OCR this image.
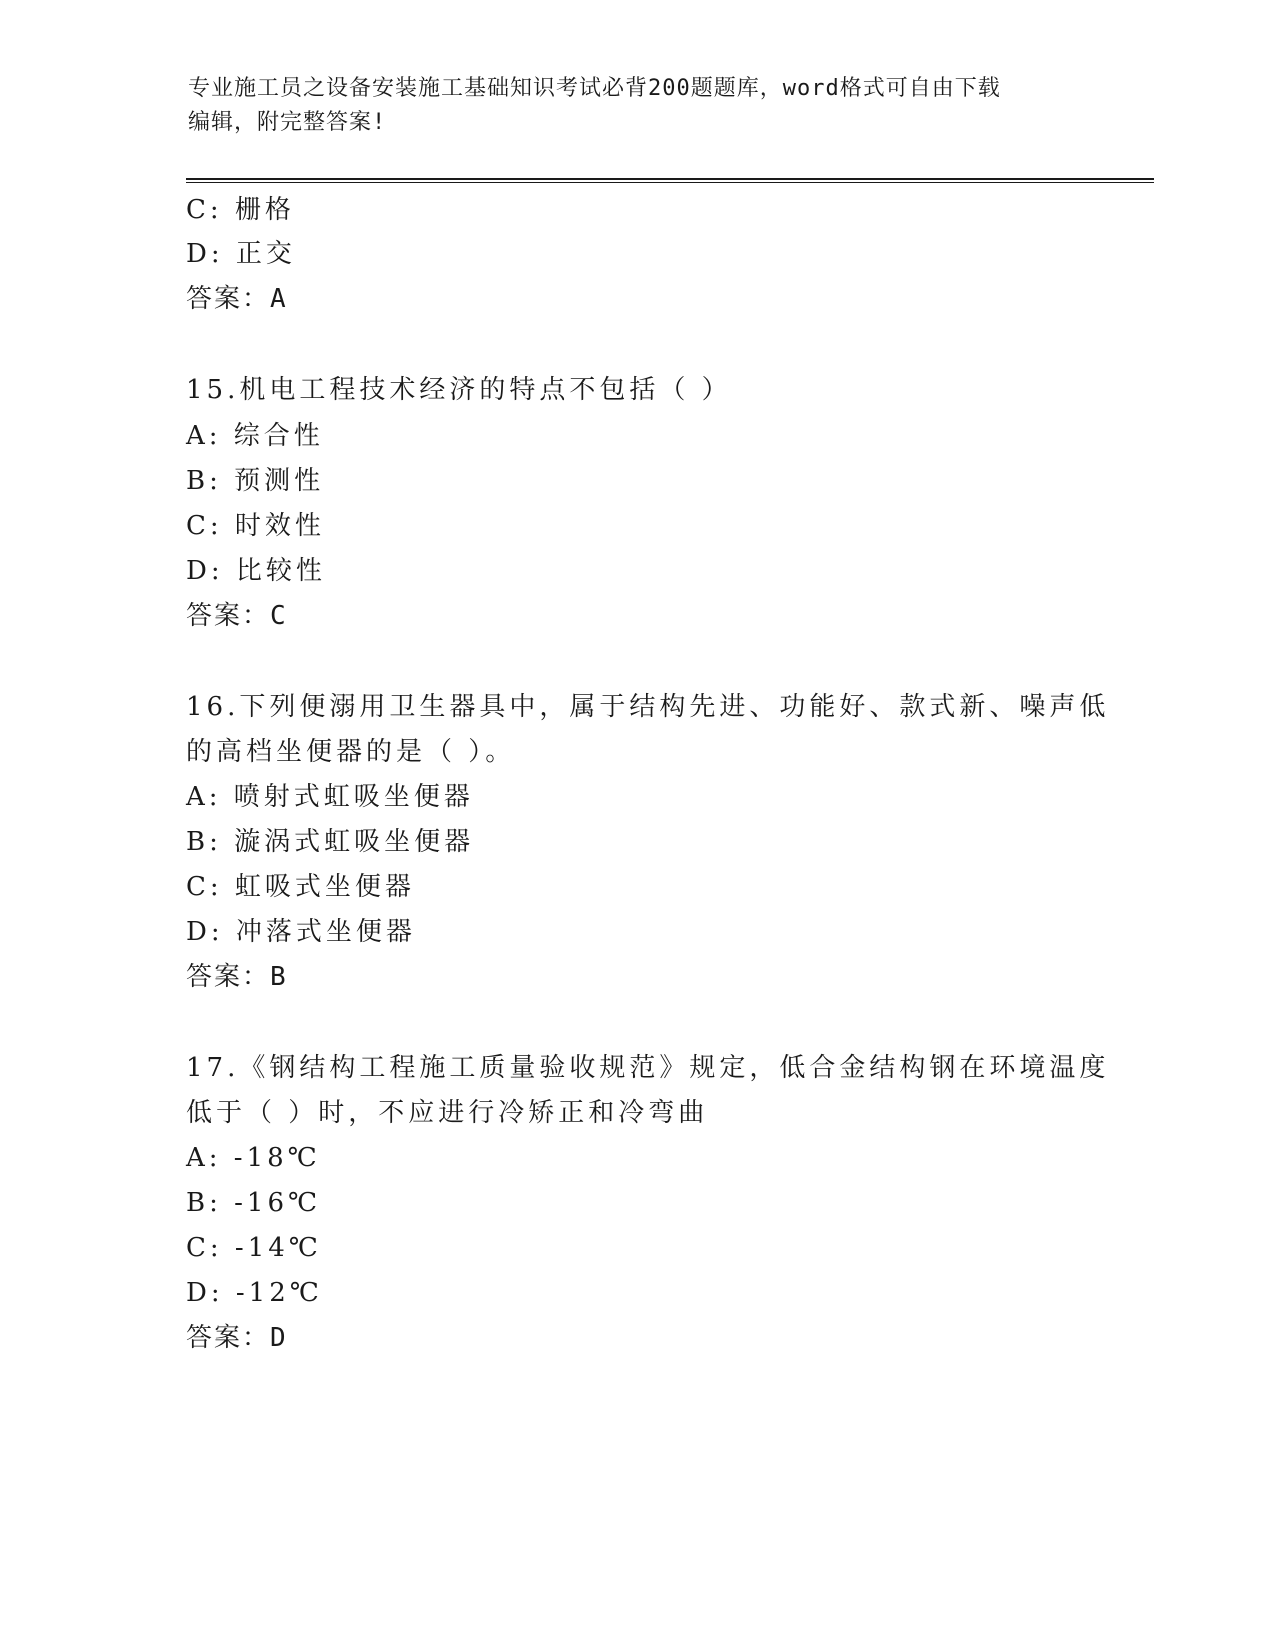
专业施工员之设备安装施工基础知识考试必背200题题库，word格式可自由下载
编辑，附完整答案!
C: 栅格
D: 正交
答案：A
15.机电工程技术经济的特点不包括（ ）
A: 综合性
B: 预测性
C: 时效性
D: 比较性
答案：C
16.下列便溺用卫生器具中，属于结构先进、功能好、款式新、噪声低
的高档坐便器的是（ ）。
A: 喷射式虹吸坐便器
B: 漩涡式虹吸坐便器
C: 虹吸式坐便器
D: 冲落式坐便器
答案：B
17.《钢结构工程施工质量验收规范》规定，低合金结构钢在环境温度
低于（ ）时，不应进行冷矫正和冷弯曲
A: -18℃
B: -16℃
C: -14℃
D: -12℃
答案：D
